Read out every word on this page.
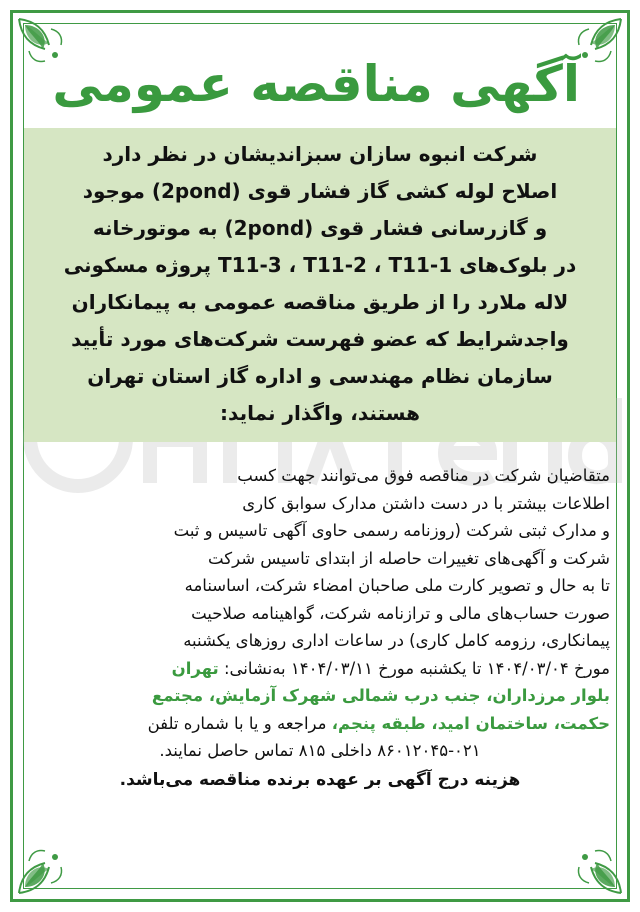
آگهی مناقصه عمومی
شرکت انبوه سازان سبزاندیشان در نظر دارد
اصلاح لوله کشی گاز فشار قوی (2pond) موجود
و گازرسانی فشار قوی (2pond) به موتورخانه
در بلوک‌های T11-3 ، T11-2 ، T11-1 پروژه مسکونی
لاله ملارد را از طریق مناقصه عمومی به پیمانکاران
واجدشرایط که عضو فهرست شرکت‌های مورد تأیید
سازمان نظام مهندسی و اداره گاز استان تهران
هستند، واگذار نماید:
متقاضیان شرکت در مناقصه فوق می‌توانند جهت کسب
اطلاعات بیشتر با در دست داشتن مدارک سوابق کاری
و مدارک ثبتی شرکت (روزنامه رسمی حاوی آگهی تاسیس و ثبت
شرکت و آگهی‌های تغییرات حاصله از ابتدای تاسیس شرکت
تا به حال و تصویر کارت ملی صاحبان امضاء شرکت، اساسنامه
صورت حساب‌های مالی و ترازنامه شرکت، گواهینامه صلاحیت
پیمانکاری، رزومه کامل کاری) در ساعات اداری روزهای یکشنبه
مورخ ۱۴۰۴/۰۳/۰۴ تا یکشنبه مورخ ۱۴۰۴/۰۳/۱۱ به‌نشانی: تهران
بلوار مرزداران، جنب درب شمالی شهرک آزمایش، مجتمع
حکمت، ساختمان امید، طبقه پنجم، مراجعه و یا با شماره تلفن
۸۶۰۱۲۰۴۵-۰۲۱ داخلی ۸۱۵ تماس حاصل نمایند.
هزینه درج آگهی بر عهده برنده مناقصه می‌باشد.
